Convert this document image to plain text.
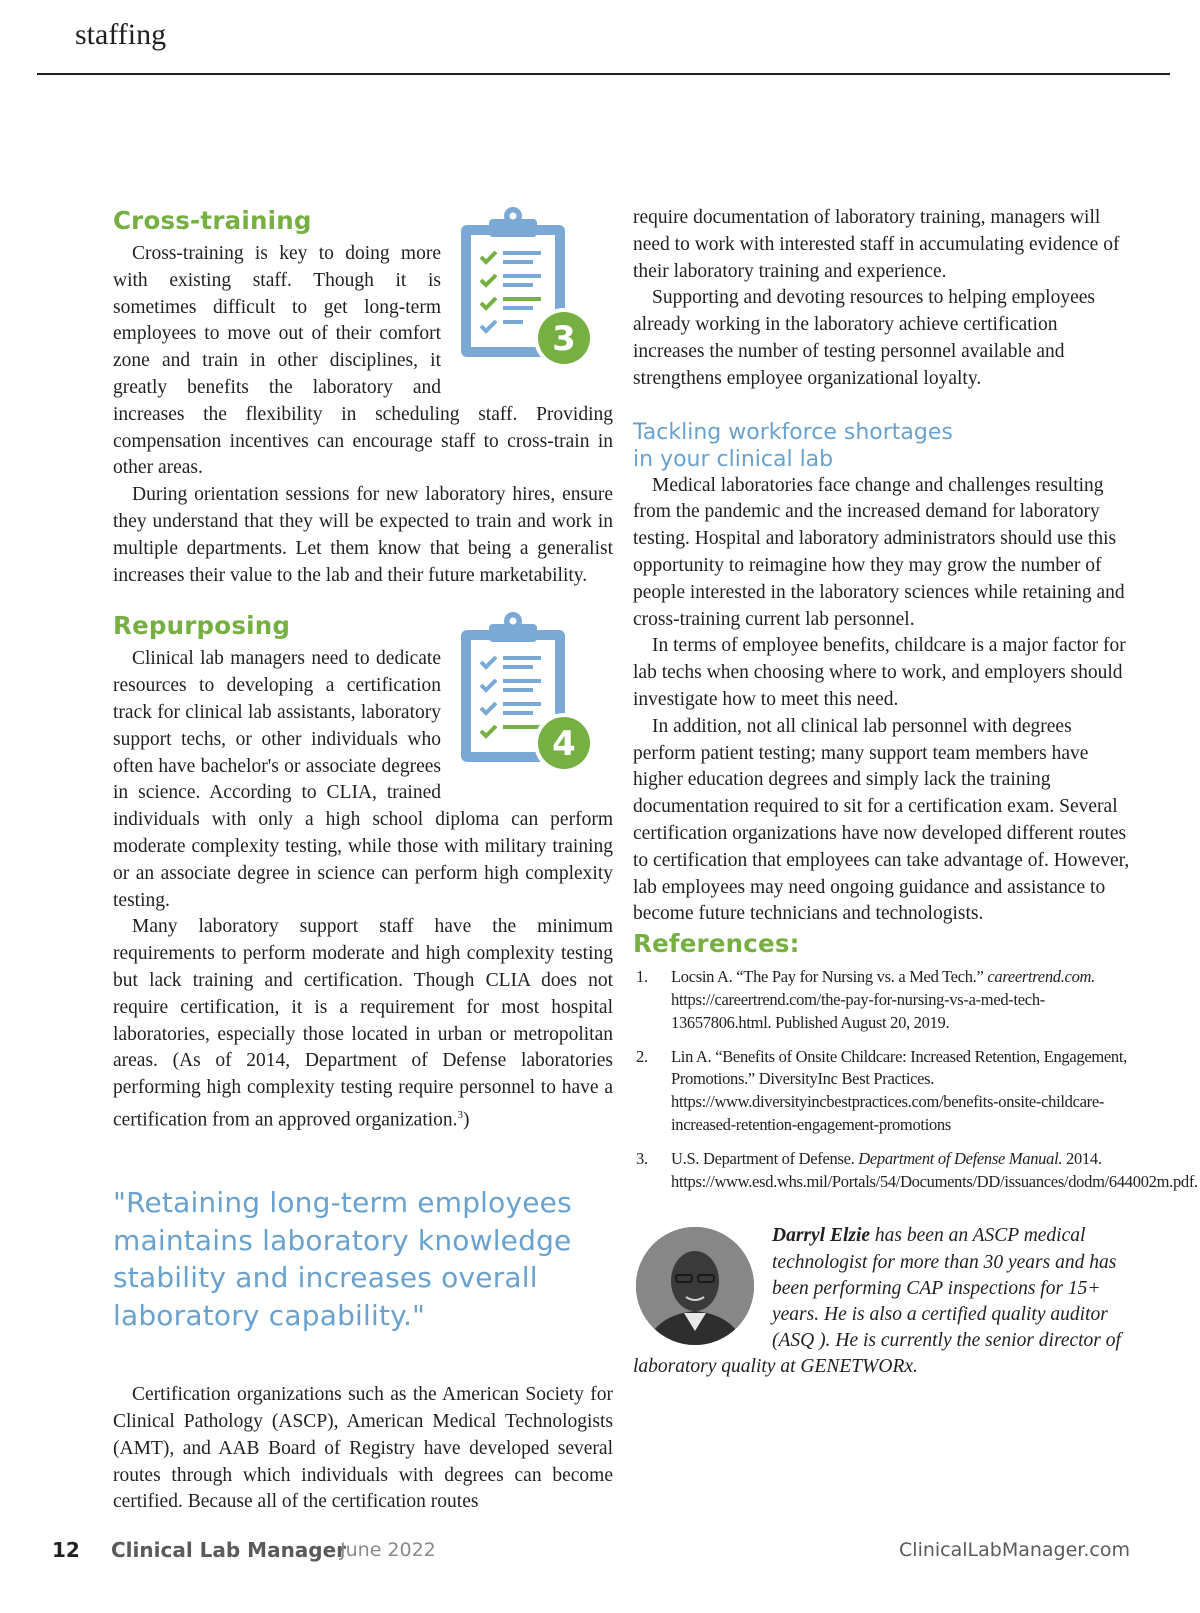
staffing
Cross-training
3

Cross-training is key to doing more with existing staff. Though it is sometimes difficult to get long-term employees to move out of their comfort zone and train in other disciplines, it greatly benefits the laboratory and increases the flexibility in scheduling staff. Providing compensation incentives can encourage staff to cross-train in other areas.

During orientation sessions for new laboratory hires, ensure they understand that they will be expected to train and work in multiple departments. Let them know that being a generalist increases their value to the lab and their future marketability.

Repurposing
4

Clinical lab managers need to dedicate resources to developing a certification track for clinical lab assistants, laboratory support techs, or other individuals who often have bachelor's or associate degrees in science. According to CLIA, trained individuals with only a high school diploma can perform moderate complexity testing, while those with military training or an associate degree in science can perform high complexity testing.

Many laboratory support staff have the minimum requirements to perform moderate and high complexity testing but lack training and certification. Though CLIA does not require certification, it is a requirement for most hospital laboratories, especially those located in urban or metropolitan areas. (As of 2014, Department of Defense laboratories performing high complexity testing require personnel to have a certification from an approved organization.$^3$)

"Retaining long-term employees maintains laboratory knowledge stability and increases overall laboratory capability."

Certification organizations such as the American Society for Clinical Pathology (ASCP), American Medical Technologists (AMT), and AAB Board of Registry have developed several routes through which individuals with degrees can become certified. Because all of the certification routes

require documentation of laboratory training, managers will need to work with interested staff in accumulating evidence of their laboratory training and experience.

Supporting and devoting resources to helping employees already working in the laboratory achieve certification increases the number of testing personnel available and strengthens employee organizational loyalty.

Tackling workforce shortages
in your clinical lab

Medical laboratories face change and challenges resulting from the pandemic and the increased demand for laboratory testing. Hospital and laboratory administrators should use this opportunity to reimagine how they may grow the number of people interested in the laboratory sciences while retaining and cross-training current lab personnel.

In terms of employee benefits, childcare is a major factor for lab techs when choosing where to work, and employers should investigate how to meet this need.

In addition, not all clinical lab personnel with degrees perform patient testing; many support team members have higher education degrees and simply lack the training documentation required to sit for a certification exam. Several certification organizations have now developed different routes to certification that employees can take advantage of. However, lab employees may need ongoing guidance and assistance to become future technicians and technologists.

References:
1. Locsin A. “The Pay for Nursing vs. a Med Tech.” careertrend.com. https://careertrend.com/the-pay-for-nursing-vs-a-med-tech-13657806.html. Published August 20, 2019.
2. Lin A. “Benefits of Onsite Childcare: Increased Retention, Engagement, Promotions.” DiversityInc Best Practices. https://www.diversityincbestpractices.com/benefits-onsite-childcare-increased-retention-engagement-promotions
3. U.S. Department of Defense. Department of Defense Manual. 2014. https://www.esd.whs.mil/Portals/54/Documents/DD/issuances/dodm/644002m.pdf.
Darryl Elzie has been an ASCP medical technologist for more than 30 years and has been performing CAP inspections for 15+ years. He is also a certified quality auditor (ASQ ). He is currently the senior director of laboratory quality at GENETWORx.
12 Clinical Lab Manager
June 2022	ClinicalLabManager.com
